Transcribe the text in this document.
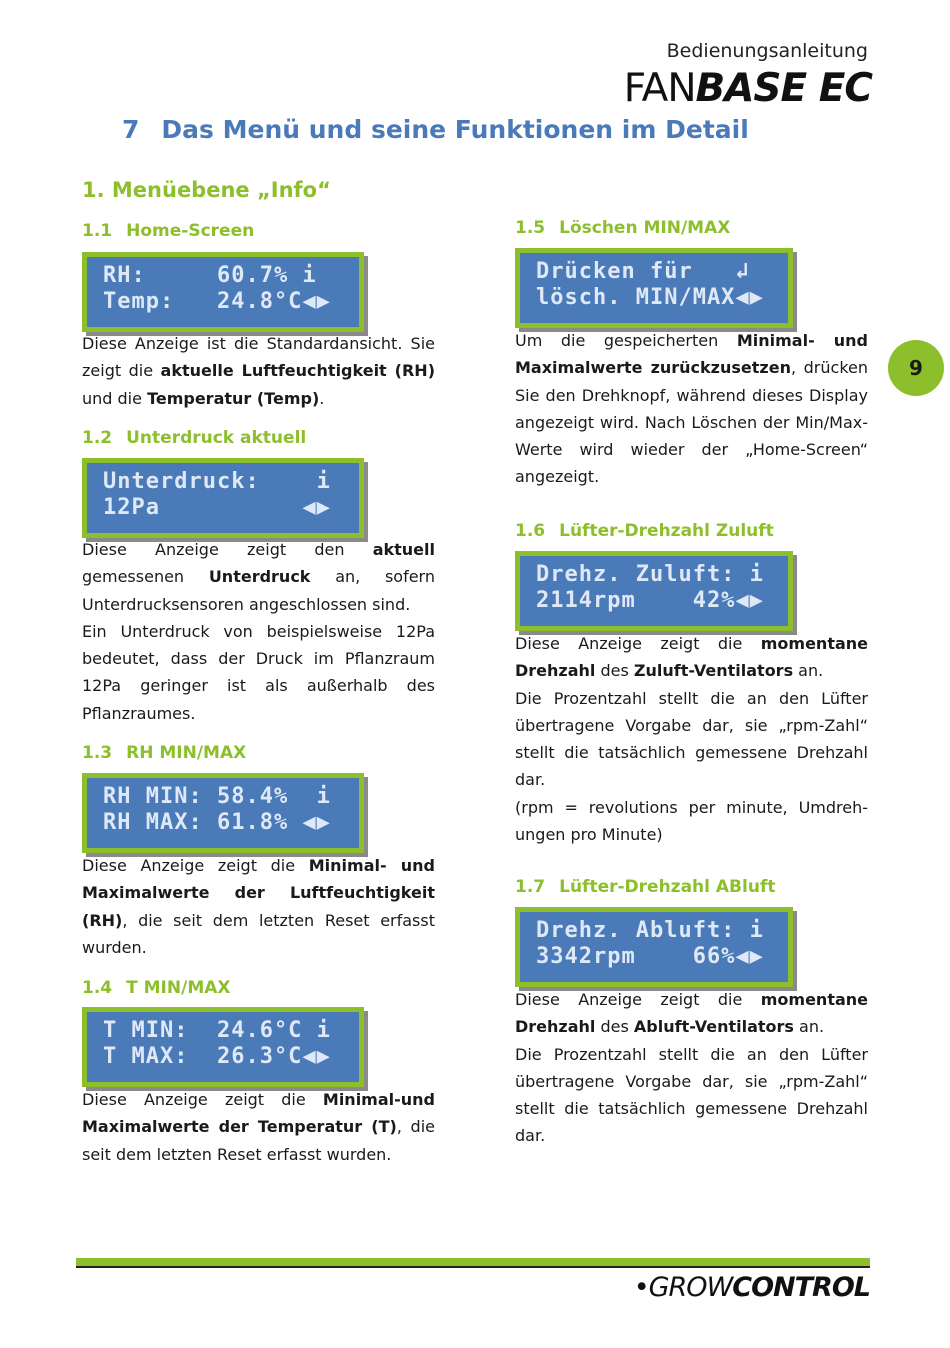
Bedienungsanleitung
FANBASE EC
7 Das Menü und seine Funktionen im Detail
1. Menüebene „Info“
9
1.1 Home-Screen
RH:     60.7% i
Temp:   24.8°C◀▶
Diese Anzeige ist die Standardansicht. Sie zeigt die aktuelle Luftfeuchtigkeit (RH) und die Temperatur (Temp).
1.2 Unterdruck aktuell
Unterdruck:    i
12Pa          ◀▶
Diese Anzeige zeigt den aktuell gemessenen Unterdruck an, sofern Unterdrucksensoren angeschlossen sind.
Ein Unterdruck von beispielsweise 12Pa bedeutet, dass der Druck im Pflanzraum 12Pa geringer ist als außerhalb des Pflanzraumes.
1.3 RH MIN/MAX
RH MIN: 58.4%  i
RH MAX: 61.8% ◀▶
Diese Anzeige zeigt die Minimal- und Maximalwerte der Luftfeuchtigkeit (RH), die seit dem letzten Reset erfasst wurden.
1.4 T MIN/MAX
T MIN:  24.6°C i
T MAX:  26.3°C◀▶
Diese Anzeige zeigt die Minimal-und Maximalwerte der Temperatur (T), die seit dem letzten Reset erfasst wurden.
1.5 Löschen MIN/MAX
Drücken für   ↲
lösch. MIN/MAX◀▶
Um die gespeicherten Minimal- und Maximalwerte zurückzusetzen, drücken Sie den Drehknopf, während dieses Display angezeigt wird. Nach Löschen der Min/Max-Werte wird wieder der „Home-Screen“ angezeigt.
1.6 Lüfter-Drehzahl Zuluft
Drehz. Zuluft: i
2114rpm    42%◀▶
Diese Anzeige zeigt die momentane Drehzahl des Zuluft-Ventilators an.
Die Prozentzahl stellt die an den Lüfter übertragene Vorgabe dar, sie „rpm-Zahl“ stellt die tatsächlich gemessene Drehzahl dar.
(rpm = revolutions per minute, Umdreh-ungen pro Minute)
1.7 Lüfter-Drehzahl ABluft
Drehz. Abluft: i
3342rpm    66%◀▶
Diese Anzeige zeigt die momentane Drehzahl des Abluft-Ventilators an.
Die Prozentzahl stellt die an den Lüfter übertragene Vorgabe dar, sie „rpm-Zahl“ stellt die tatsächlich gemessene Drehzahl dar.
•GROWCONTROL
